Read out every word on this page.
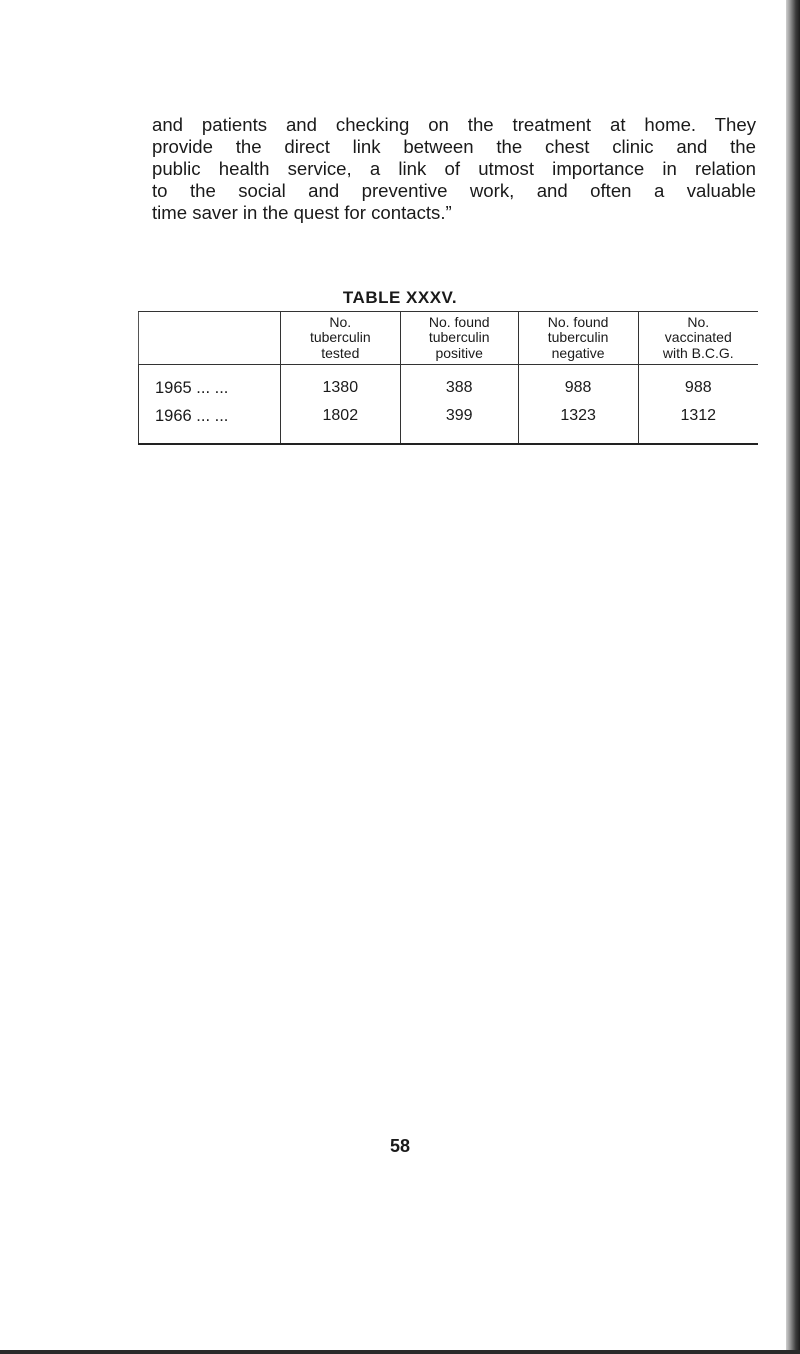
and patients and checking on the treatment at home. They
provide the direct link between the chest clinic and the
public health service, a link of utmost importance in relation
to the social and preventive work, and often a valuable
time saver in the quest for contacts.”
TABLE XXXV.
	No.
tuberculin
tested	No. found
tuberculin
positive	No. found
tuberculin
negative	No.
vaccinated
with B.C.G.
1965 ... ...	1380	388	988	988
1966 ... ...	1802	399	1323	1312
58
